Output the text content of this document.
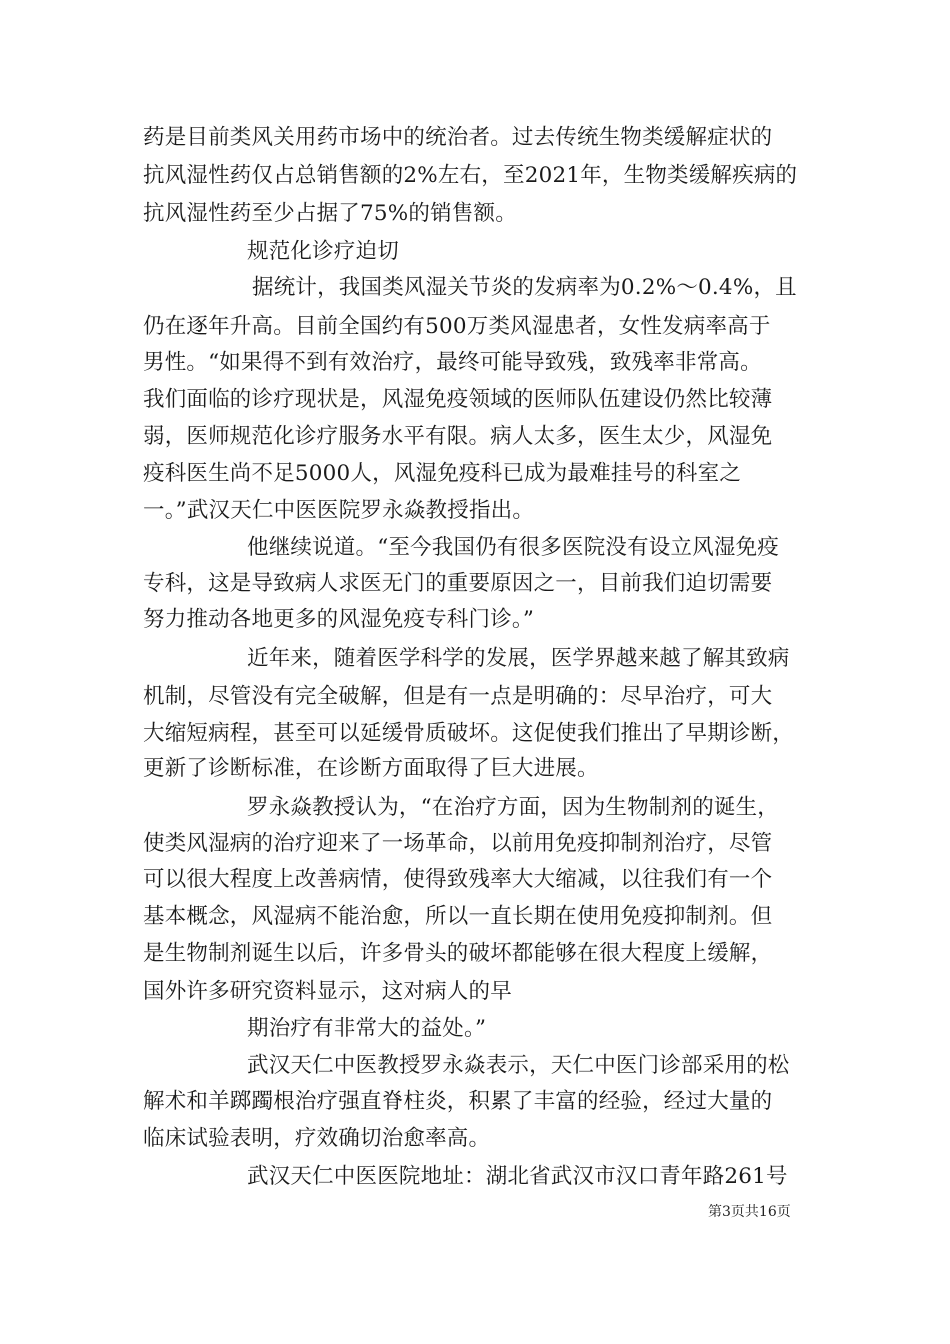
药是目前类风关用药市场中的统治者。过去传统生物类缓解症状的
抗风湿性药仅占总销售额的2%左右，至2021年，生物类缓解疾病的
抗风湿性药至少占据了75%的销售额。
规范化诊疗迫切
据统计，我国类风湿关节炎的发病率为0.2%～0.4%，且
仍在逐年升高。目前全国约有500万类风湿患者，女性发病率高于
男性。“如果得不到有效治疗，最终可能导致残，致残率非常高。
我们面临的诊疗现状是，风湿免疫领域的医师队伍建设仍然比较薄
弱，医师规范化诊疗服务水平有限。病人太多，医生太少，风湿免
疫科医生尚不足5000人，风湿免疫科已成为最难挂号的科室之
一。”武汉天仁中医医院罗永焱教授指出。
他继续说道。“至今我国仍有很多医院没有设立风湿免疫
专科，这是导致病人求医无门的重要原因之一，目前我们迫切需要
努力推动各地更多的风湿免疫专科门诊。”
近年来，随着医学科学的发展，医学界越来越了解其致病
机制，尽管没有完全破解，但是有一点是明确的：尽早治疗，可大
大缩短病程，甚至可以延缓骨质破坏。这促使我们推出了早期诊断，
更新了诊断标准，在诊断方面取得了巨大进展。
罗永焱教授认为，“在治疗方面，因为生物制剂的诞生，
使类风湿病的治疗迎来了一场革命，以前用免疫抑制剂治疗，尽管
可以很大程度上改善病情，使得致残率大大缩减，以往我们有一个
基本概念，风湿病不能治愈，所以一直长期在使用免疫抑制剂。但
是生物制剂诞生以后，许多骨头的破坏都能够在很大程度上缓解，
国外许多研究资料显示，这对病人的早
期治疗有非常大的益处。”
武汉天仁中医教授罗永焱表示，天仁中医门诊部采用的松
解术和羊踯躅根治疗强直脊柱炎，积累了丰富的经验，经过大量的
临床试验表明，疗效确切治愈率高。
武汉天仁中医医院地址：湖北省武汉市汉口青年路261号
第3页共16页
